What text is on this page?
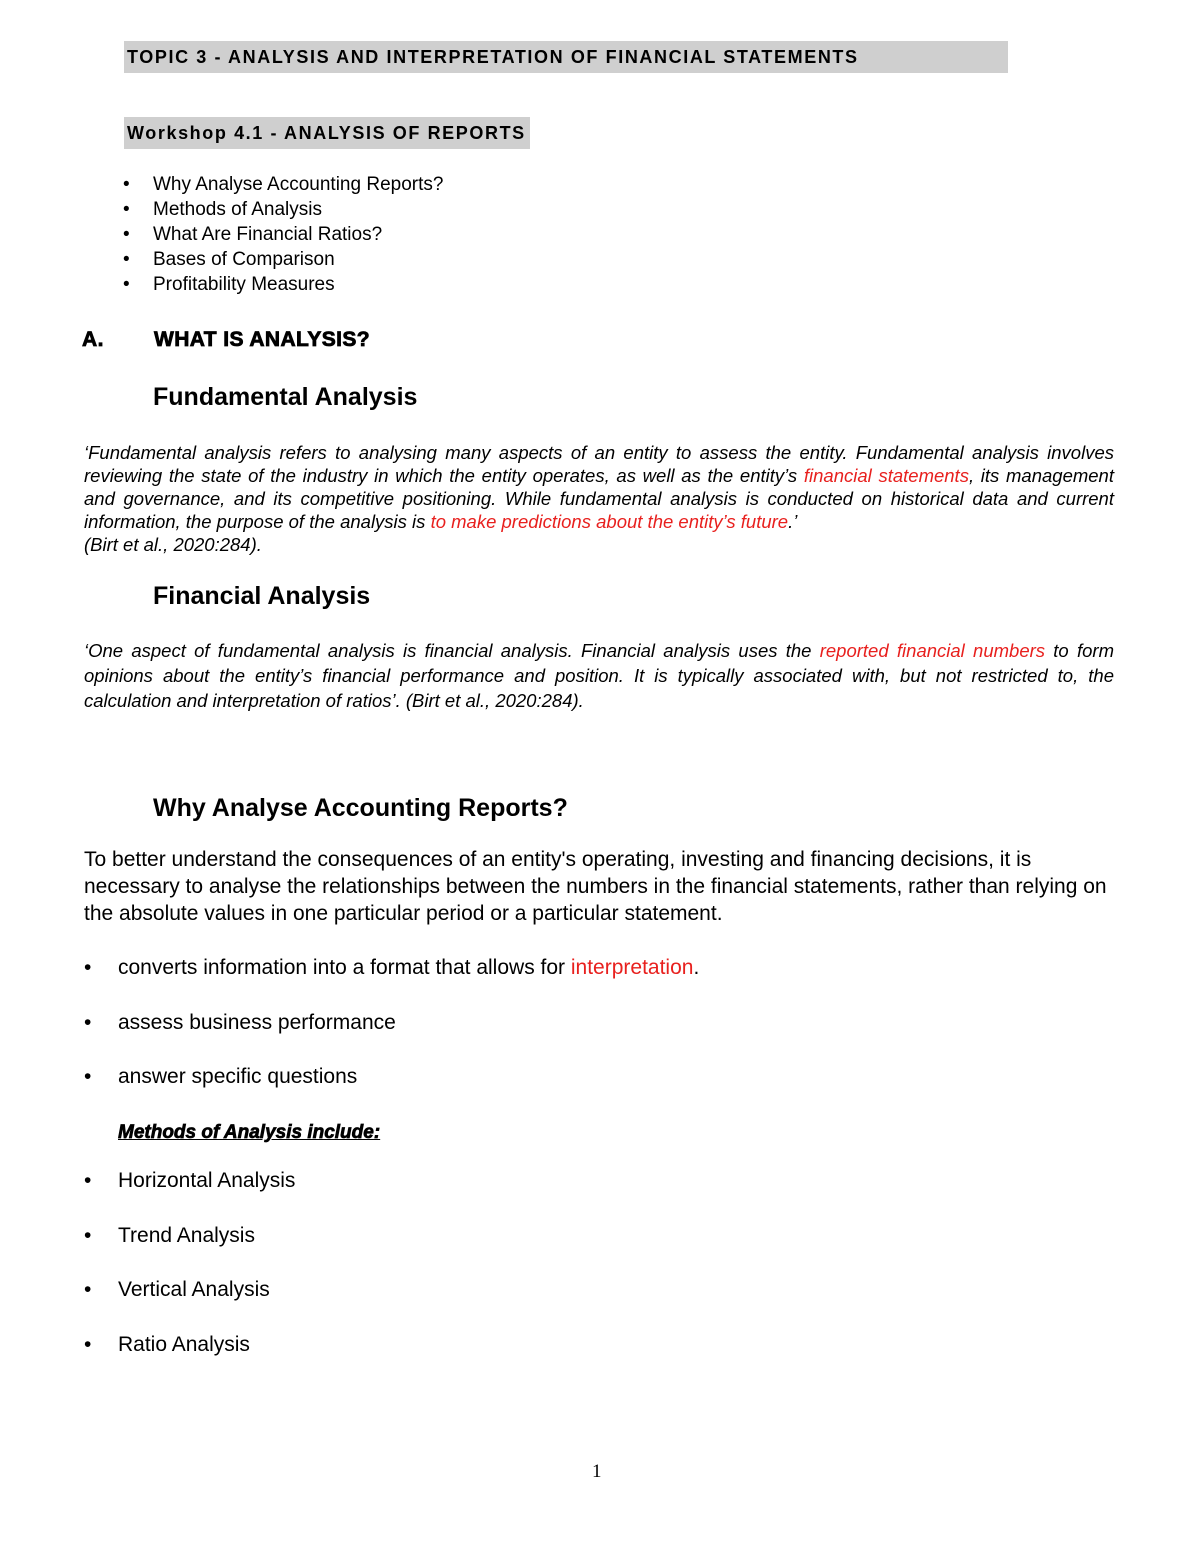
TOPIC 3 - ANALYSIS AND INTERPRETATION OF FINANCIAL STATEMENTS
Workshop 4.1 - ANALYSIS OF REPORTS
• Why Analyse Accounting Reports?
• Methods of Analysis
• What Are Financial Ratios?
• Bases of Comparison
• Profitability Measures
A. WHAT IS ANALYSIS?
Fundamental Analysis

‘Fundamental analysis refers to analysing many aspects of an entity to assess the entity. Fundamental analysis involves reviewing the state of the industry in which the entity operates, as well as the entity’s financial statements, its management and governance, and its competitive positioning. While fundamental analysis is conducted on historical data and current information, the purpose of the analysis is to make predictions about the entity’s future.’
(Birt et al., 2020:284).

Financial Analysis

‘One aspect of fundamental analysis is financial analysis. Financial analysis uses the reported financial numbers to form opinions about the entity’s financial performance and position. It is typically associated with, but not restricted to, the calculation and interpretation of ratios’. (Birt et al., 2020:284).

Why Analyse Accounting Reports?

To better understand the consequences of an entity's operating, investing and financing decisions, it is necessary to analyse the relationships between the numbers in the financial statements, rather than relying on the absolute values in one particular period or a particular statement.

• converts information into a format that allows for interpretation.
• assess business performance
• answer specific questions
Methods of Analysis include:
• Horizontal Analysis
• Trend Analysis
• Vertical Analysis
• Ratio Analysis
1
